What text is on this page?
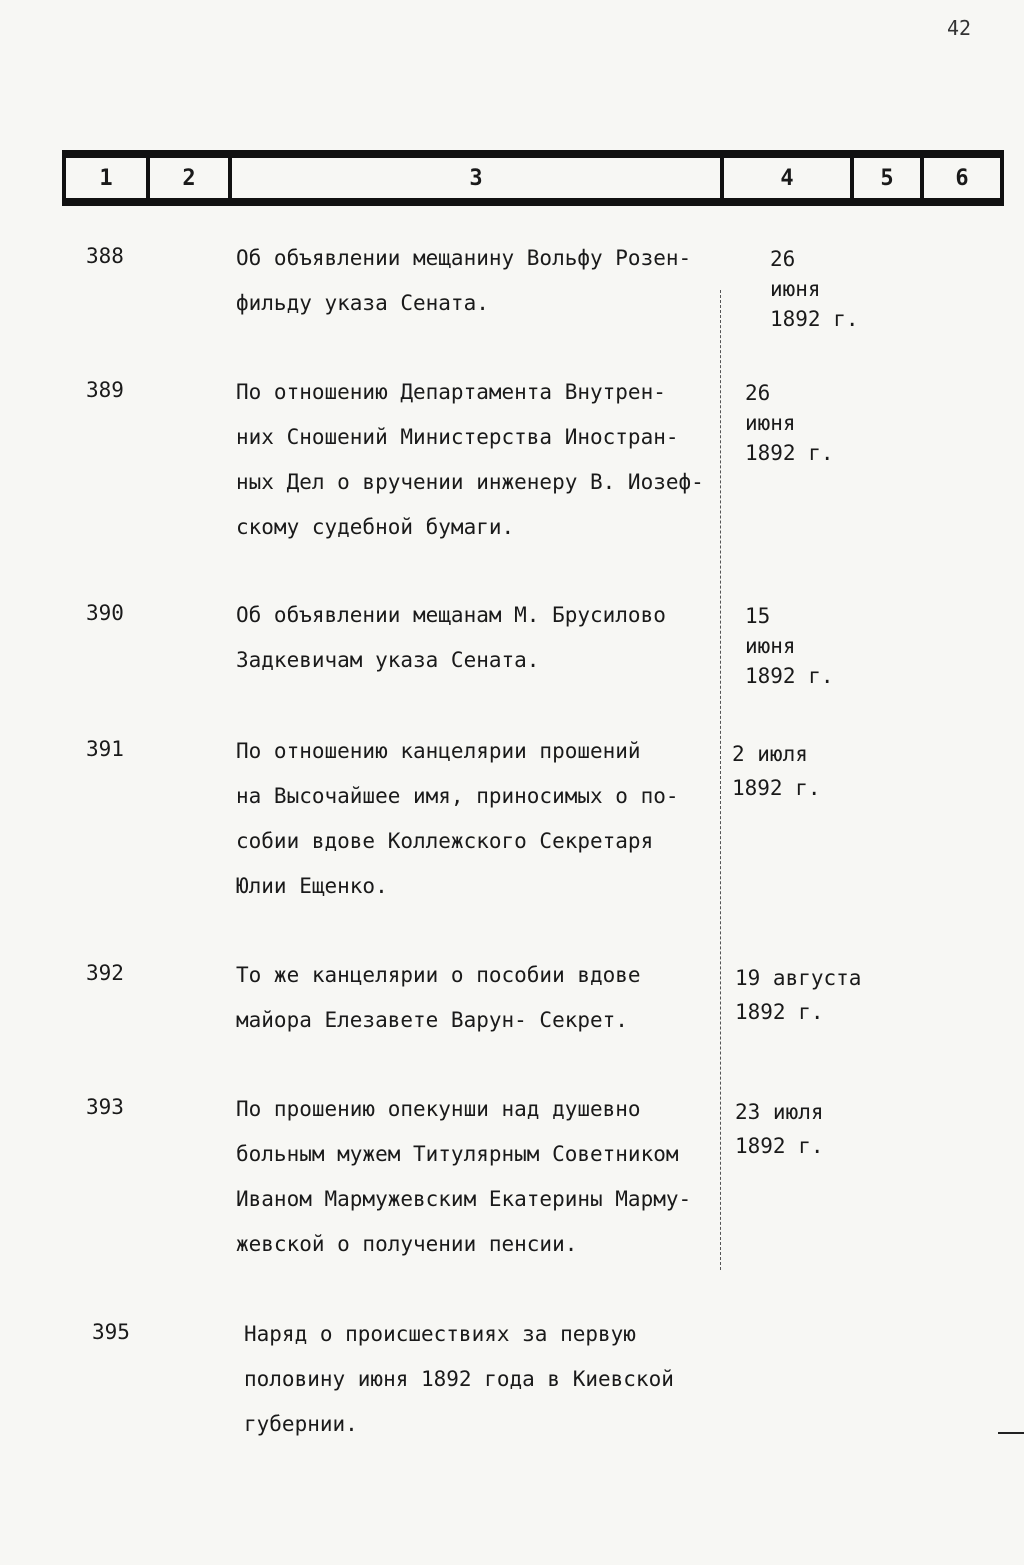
42
1	2	3	4	5	6
388	Об объявлении мещанину Вольфу Розен-
фильду указа Сената.
26
июня
1892 г.
389	По отношению Департамента Внутрен-
них Сношений Министерства Иностран-
ных Дел о вручении инженеру В. Иозеф-
скому судебной бумаги.
26
июня
1892 г.
390	Об объявлении мещанам М. Брусилово
Задкевичам указа Сената.
15
июня
1892 г.
391	По отношению канцелярии прошений
на Высочайшее имя, приносимых о по-
собии вдове Коллежского Секретаря
Юлии Ещенко.
2 июля
1892 г.
392	То же канцелярии о пособии вдове
майора Елезавете Варун- Секрет.
19 августа
1892 г.
393	По прошению опекунши над душевно
больным мужем Титулярным Советником
Иваном Мармужевским Екатерины Марму-
жевской о получении пенсии.
23 июля
1892 г.
395	Наряд о происшествиях за первую
половину июня 1892 года в Киевской
губернии.
